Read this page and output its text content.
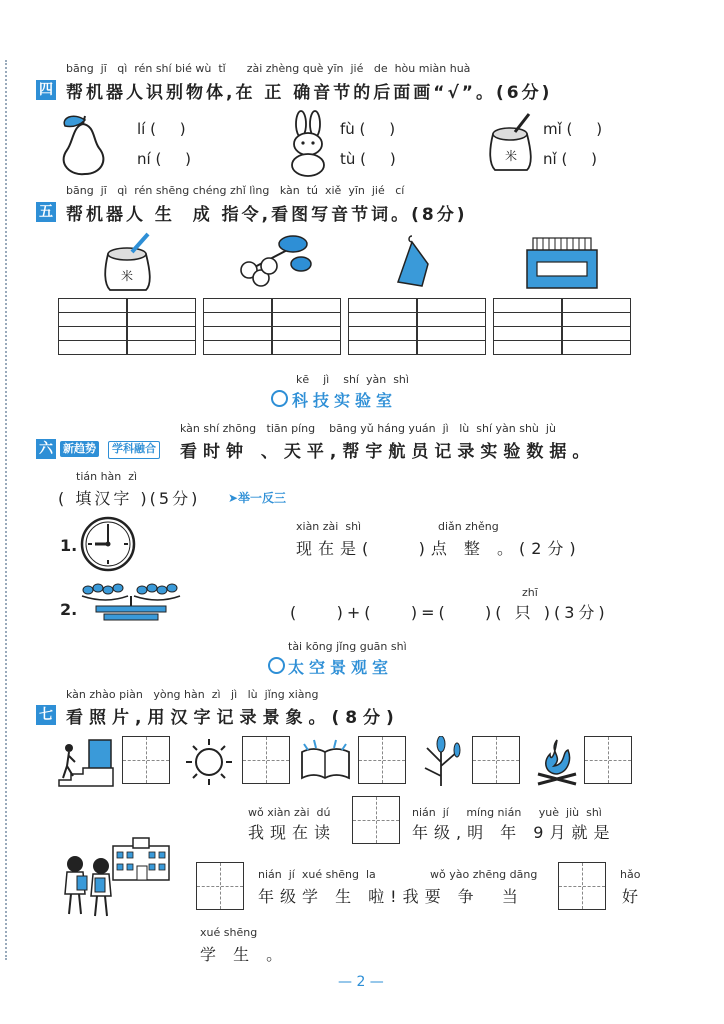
bāng  jī   qì  rén shí bié wù  tǐ      zài zhèng què yīn  jié   de  hòu miàn huà
四 帮机器人识别物体,在 正 确音节的后面画“√”。(6分)
lí (     )
ní (     )
fù (     )
tù (     )	米
mǐ (     )
nǐ (     )
bāng  jī   qì  rén shēng chéng zhǐ lìng   kàn  tú  xiě  yīn  jié   cí
五 帮机器人 生  成 指令,看图写音节词。(8分)
米
kē    jì    shí  yàn  shì
科技实验室
kàn shí zhōng   tiān píng    bāng yǔ háng yuán  jì   lù  shí yàn shù  jù
六 新趋势	学科融合 看时钟 、天平,帮宇航员记录实验数据。
tián hàn  zì
( 填汉字 )(5分) ➤举一反三
1.
xiàn zài  shì                      diǎn zhěng
现在是(    )点 整 。(2分)
2.
zhī
(    )+(    )=(    )( 只 )(3分)
tài kōng jǐng guān shì
太空景观室
kàn zhào piàn   yòng hàn  zì   jì   lù  jǐng xiàng
七 看照片,用汉字记录景象。(8分)
wǒ xiàn zài  dú
我现在读
nián  jí     míng nián     yuè  jiù  shì
年级,明 年 9月就是
nián  jí  xué shēng  la	wǒ yào zhēng dāng
年级学 生 啦!我要 争  当
hǎo
好
xué shēng
学 生 。
— 2 —
